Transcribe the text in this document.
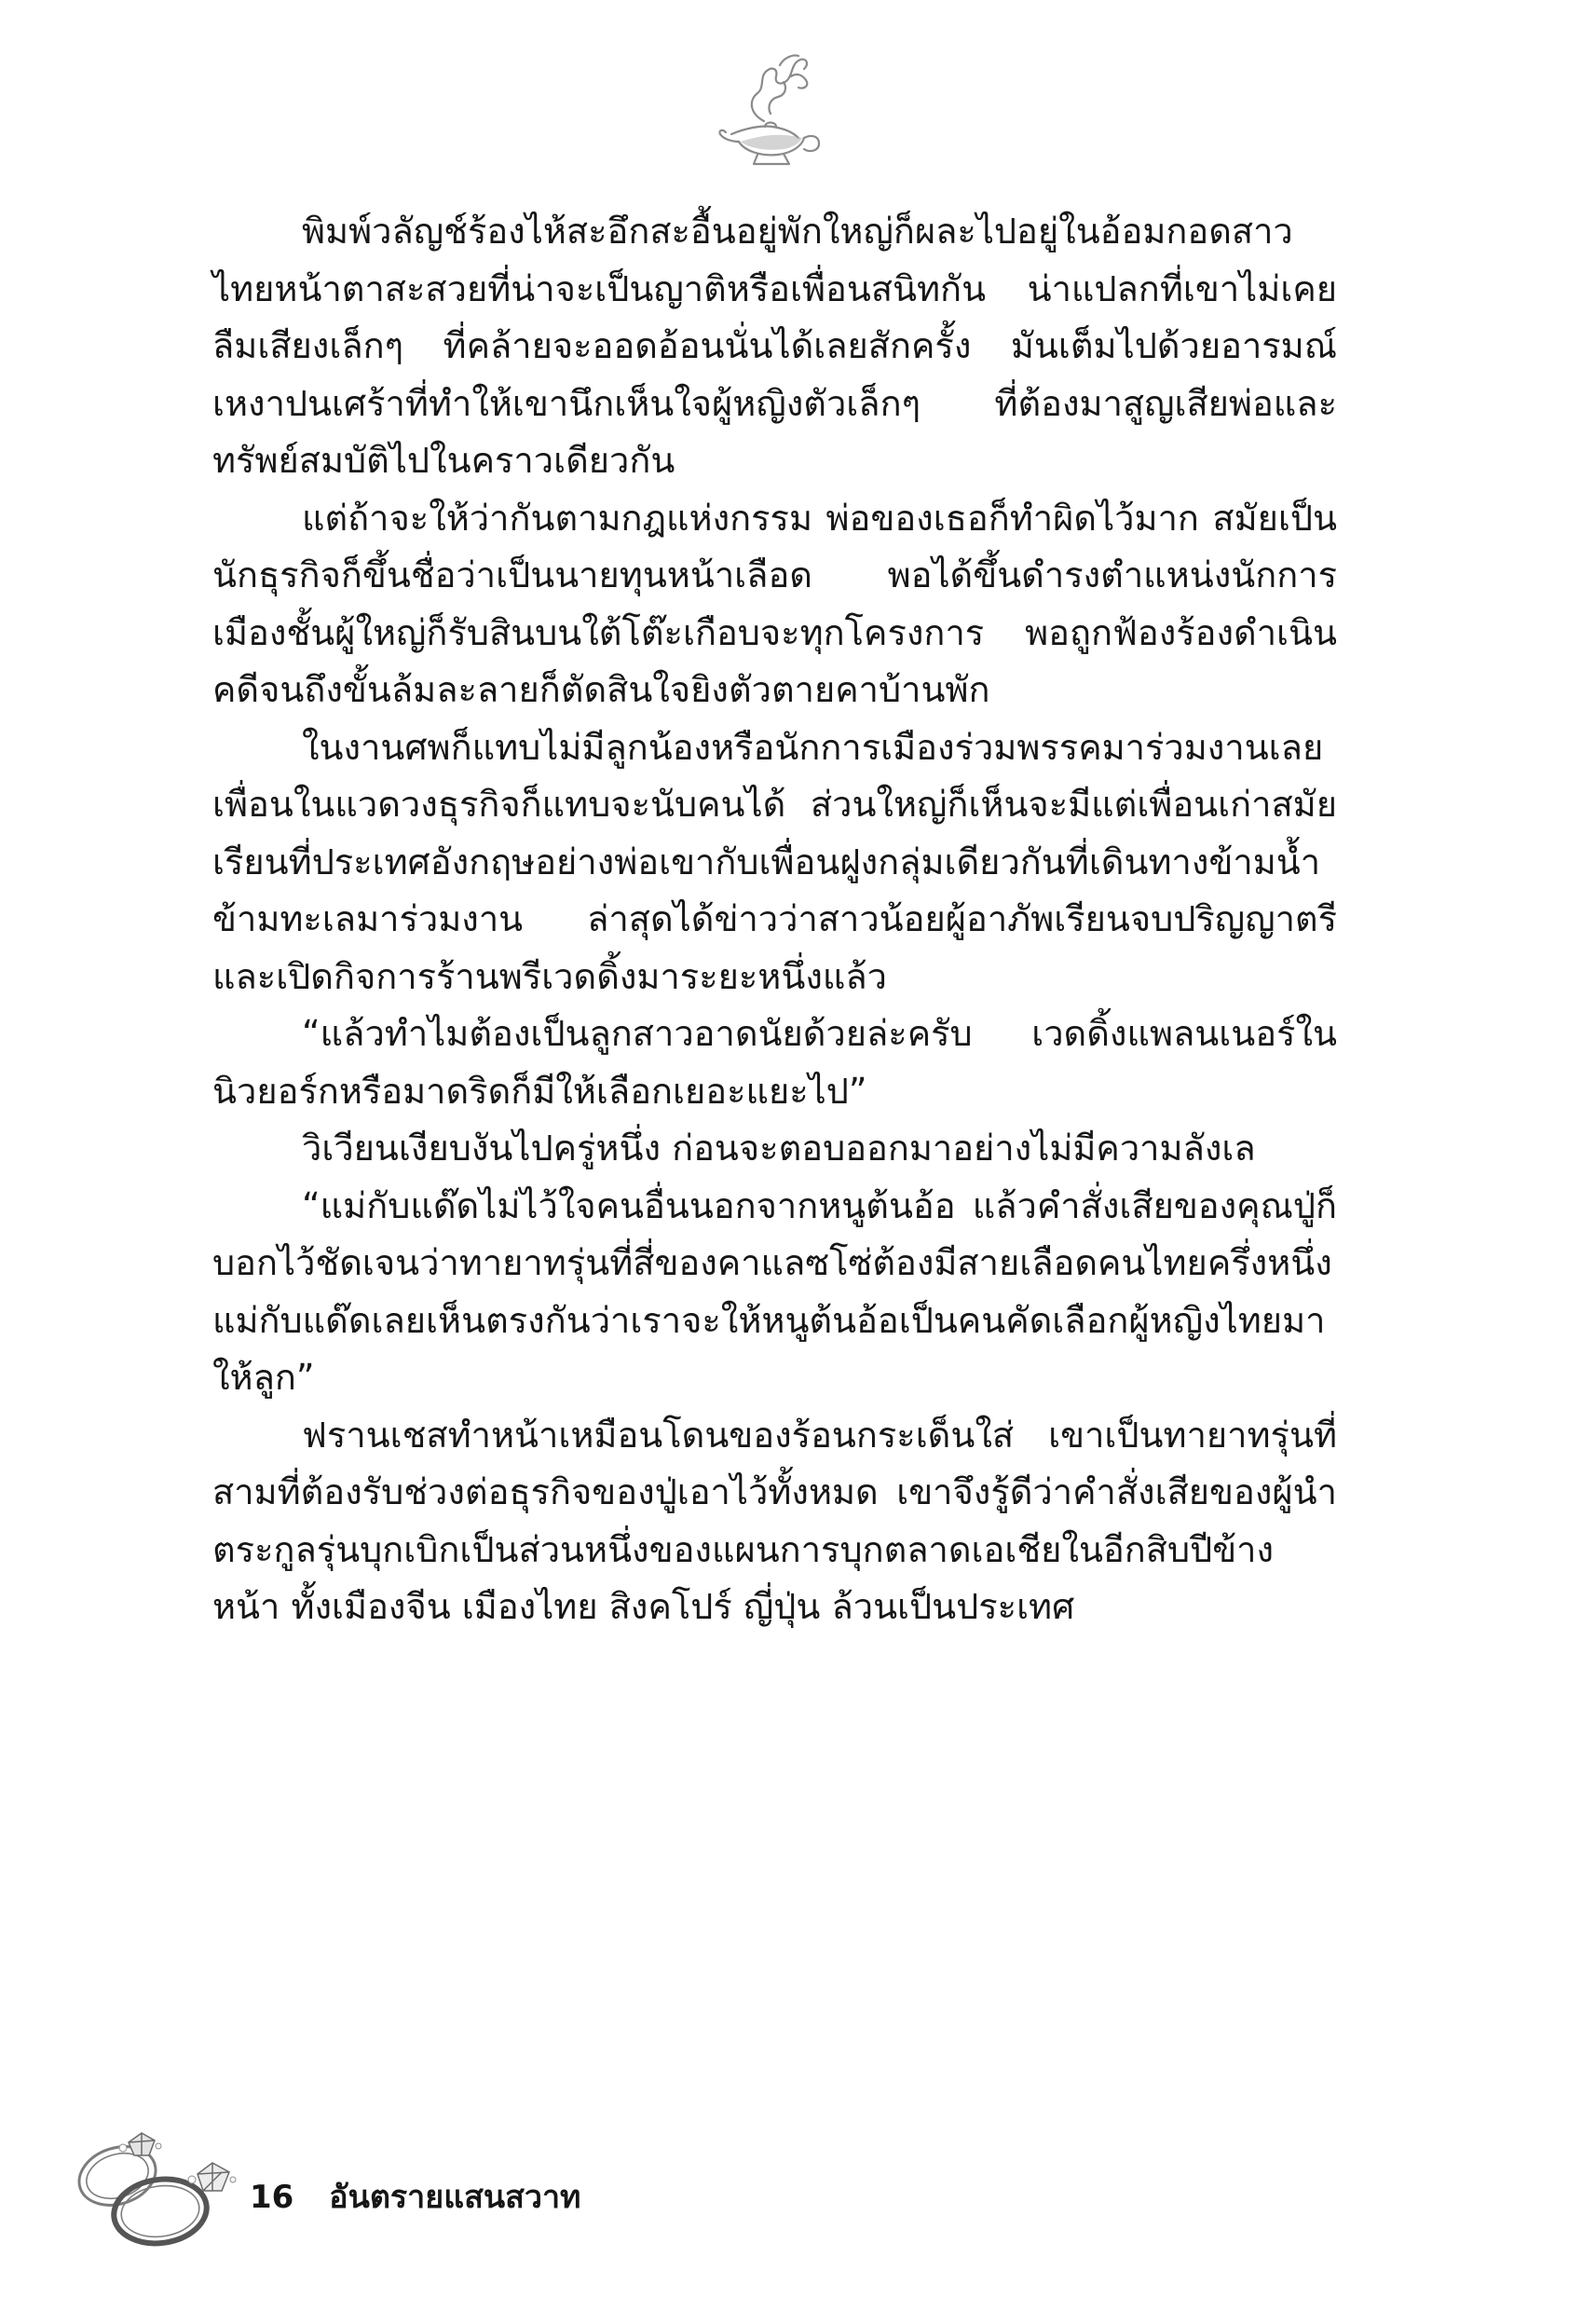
พิมพ์วลัญช์ร้องไห้สะอึกสะอื้นอยู่พักใหญ่ก็ผละไปอยู่ในอ้อมกอดสาวไทยหน้าตาสะสวยที่น่าจะเป็นญาติหรือเพื่อนสนิทกัน น่าแปลกที่เขาไม่เคยลืมเสียงเล็กๆ ที่คล้ายจะออดอ้อนนั่นได้เลยสักครั้ง มันเต็มไปด้วยอารมณ์เหงาปนเศร้าที่ทำให้เขานึกเห็นใจผู้หญิงตัวเล็กๆ ที่ต้องมาสูญเสียพ่อและทรัพย์สมบัติไปในคราวเดียวกัน

แต่ถ้าจะให้ว่ากันตามกฎแห่งกรรม พ่อของเธอก็ทำผิดไว้มาก สมัยเป็นนักธุรกิจก็ขึ้นชื่อว่าเป็นนายทุนหน้าเลือด พอได้ขึ้นดำรงตำแหน่งนักการเมืองชั้นผู้ใหญ่ก็รับสินบนใต้โต๊ะเกือบจะทุกโครงการ พอถูกฟ้องร้องดำเนินคดีจนถึงขั้นล้มละลายก็ตัดสินใจยิงตัวตายคาบ้านพัก

ในงานศพก็แทบไม่มีลูกน้องหรือนักการเมืองร่วมพรรคมาร่วมงานเลย เพื่อนในแวดวงธุรกิจก็แทบจะนับคนได้ ส่วนใหญ่ก็เห็นจะมีแต่เพื่อนเก่าสมัยเรียนที่ประเทศอังกฤษอย่างพ่อเขากับเพื่อนฝูงกลุ่มเดียวกันที่เดินทางข้ามน้ำข้ามทะเลมาร่วมงาน ล่าสุดได้ข่าวว่าสาวน้อยผู้อาภัพเรียนจบปริญญาตรีและเปิดกิจการร้านพรีเวดดิ้งมาระยะหนึ่งแล้ว

“แล้วทำไมต้องเป็นลูกสาวอาดนัยด้วยล่ะครับ เวดดิ้งแพลนเนอร์ในนิวยอร์กหรือมาดริดก็มีให้เลือกเยอะแยะไป”

วิเวียนเงียบงันไปครู่หนึ่ง ก่อนจะตอบออกมาอย่างไม่มีความลังเล

“แม่กับแด๊ดไม่ไว้ใจคนอื่นนอกจากหนูต้นอ้อ แล้วคำสั่งเสียของคุณปู่ก็บอกไว้ชัดเจนว่าทายาทรุ่นที่สี่ของคาแลซโซ่ต้องมีสายเลือดคนไทยครึ่งหนึ่ง แม่กับแด๊ดเลยเห็นตรงกันว่าเราจะให้หนูต้นอ้อเป็นคนคัดเลือกผู้หญิงไทยมาให้ลูก”

ฟรานเชสทำหน้าเหมือนโดนของร้อนกระเด็นใส่ เขาเป็นทายาทรุ่นที่สามที่ต้องรับช่วงต่อธุรกิจของปู่เอาไว้ทั้งหมด เขาจึงรู้ดีว่าคำสั่งเสียของผู้นำตระกูลรุ่นบุกเบิกเป็นส่วนหนึ่งของแผนการบุกตลาดเอเชียในอีกสิบปีข้างหน้า ทั้งเมืองจีน เมืองไทย สิงคโปร์ ญี่ปุ่น ล้วนเป็นประเทศ

16 อันตรายแสนสวาท
